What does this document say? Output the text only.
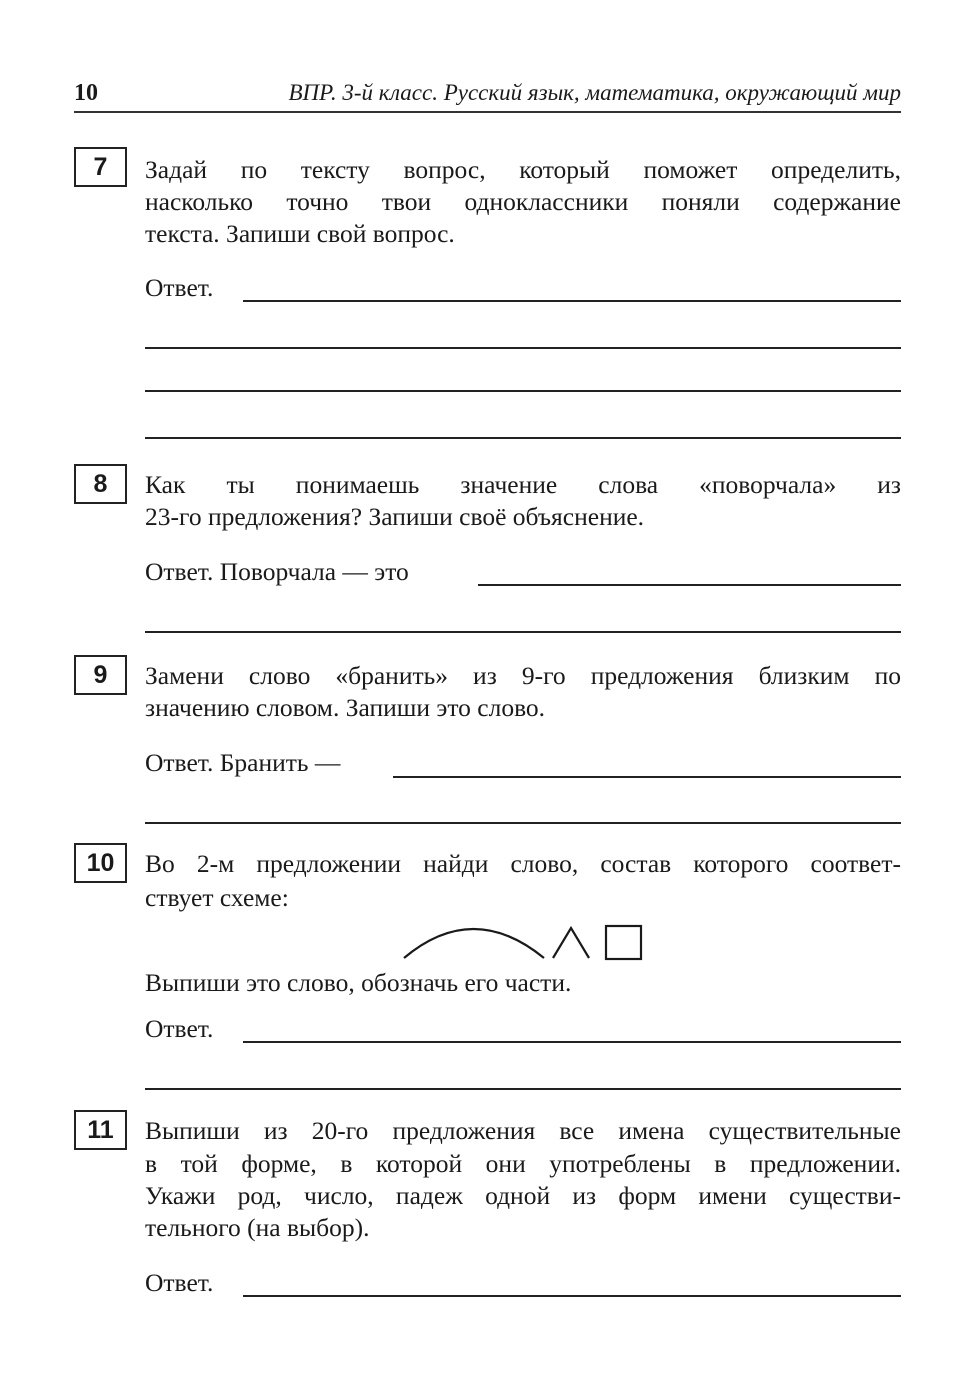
10	ВПР. 3-й класс. Русский язык, математика, окружающий мир
7	Задай по тексту вопрос, который поможет определить,
насколько точно твои одноклассники поняли содержание
текста. Запиши свой вопрос.
Ответ.
8	Как ты понимаешь значение слова «поворчала» из
23-го предложения? Запиши своё объяснение.
Ответ. Поворчала — это
9	Замени слово «бранить» из 9-го предложения близким по
значению словом. Запиши это слово.
Ответ. Бранить —
10	Во 2-м предложении найди слово, состав которого соответ-
ствует схеме:
Выпиши это слово, обозначь его части.
Ответ.
11	Выпиши из 20-го предложения все имена существительные
в той форме, в которой они употреблены в предложении.
Укажи род, число, падеж одной из форм имени существи-
тельного (на выбор).
Ответ.
